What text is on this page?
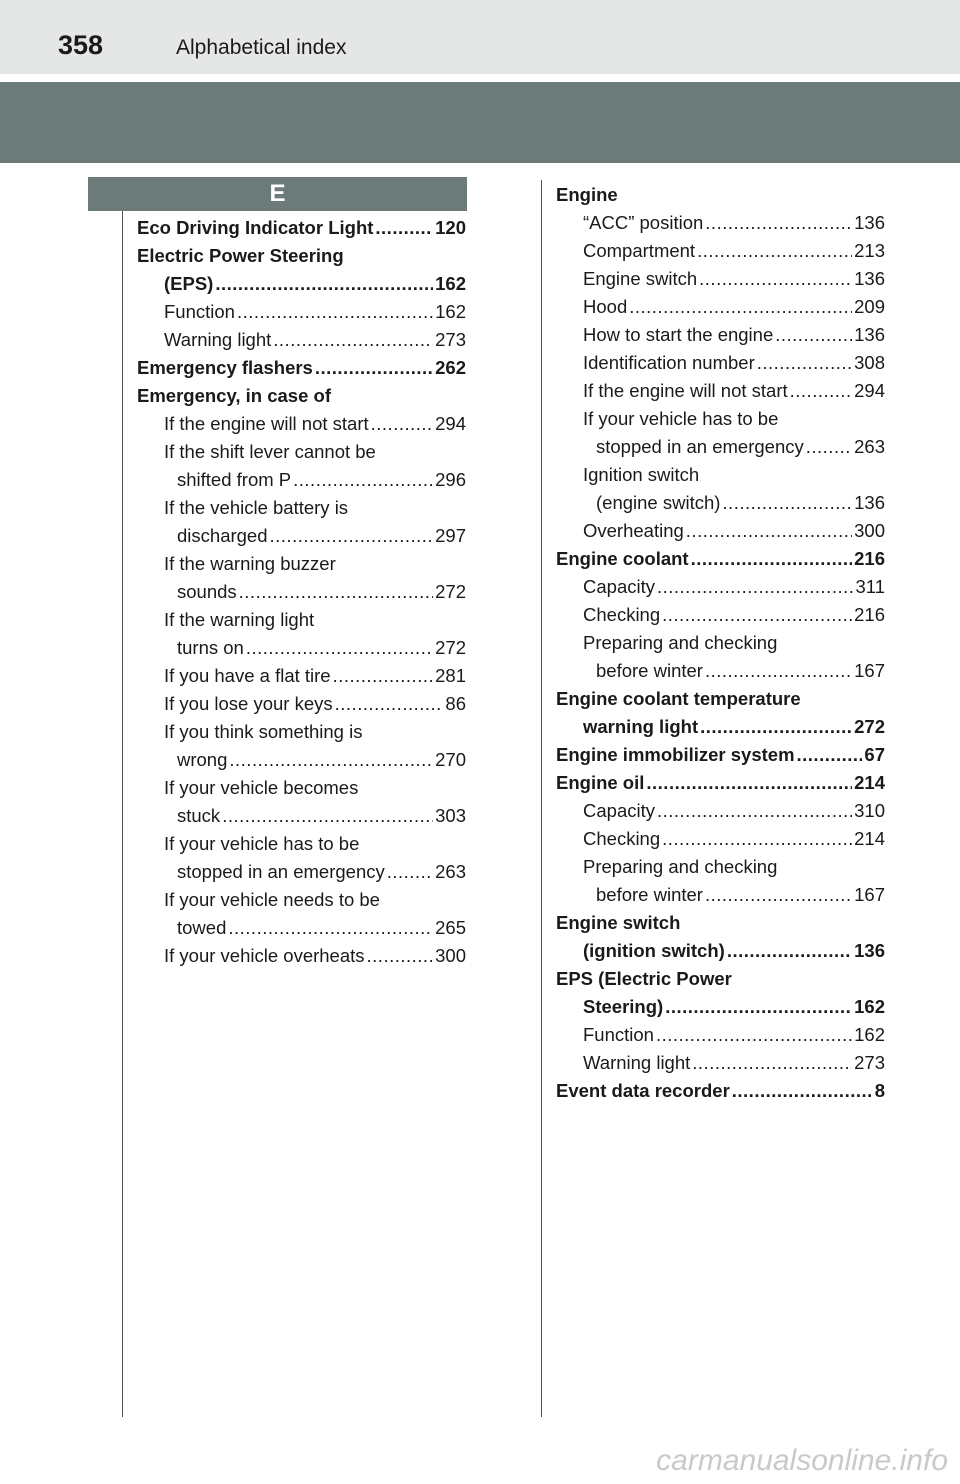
358	Alphabetical index
E
Eco Driving Indicator Light .....	120
Electric Power Steering
(EPS) .....	162
Function .....	162
Warning light .....	273
Emergency flashers .....	262
Emergency, in case of
If the engine will not start .....	294
If the shift lever cannot be
shifted from P .....	296
If the vehicle battery is
discharged .....	297
If the warning buzzer
sounds .....	272
If the warning light
turns on .....	272
If you have a flat tire .....	281
If you lose your keys .....	86
If you think something is
wrong .....	270
If your vehicle becomes
stuck .....	303
If your vehicle has to be
stopped in an emergency .....	263
If your vehicle needs to be
towed .....	265
If your vehicle overheats .....	300
Engine
“ACC” position .....	136
Compartment .....	213
Engine switch .....	136
Hood .....	209
How to start the engine .....	136
Identification number .....	308
If the engine will not start .....	294
If your vehicle has to be
stopped in an emergency .....	263
Ignition switch
(engine switch) .....	136
Overheating .....	300
Engine coolant .....	216
Capacity .....	311
Checking .....	216
Preparing and checking
before winter .....	167
Engine coolant temperature
warning light .....	272
Engine immobilizer system .....	67
Engine oil .....	214
Capacity .....	310
Checking .....	214
Preparing and checking
before winter .....	167
Engine switch
(ignition switch) .....	136
EPS (Electric Power
Steering) .....	162
Function .....	162
Warning light .....	273
Event data recorder .....	8
carmanualsonline.info
